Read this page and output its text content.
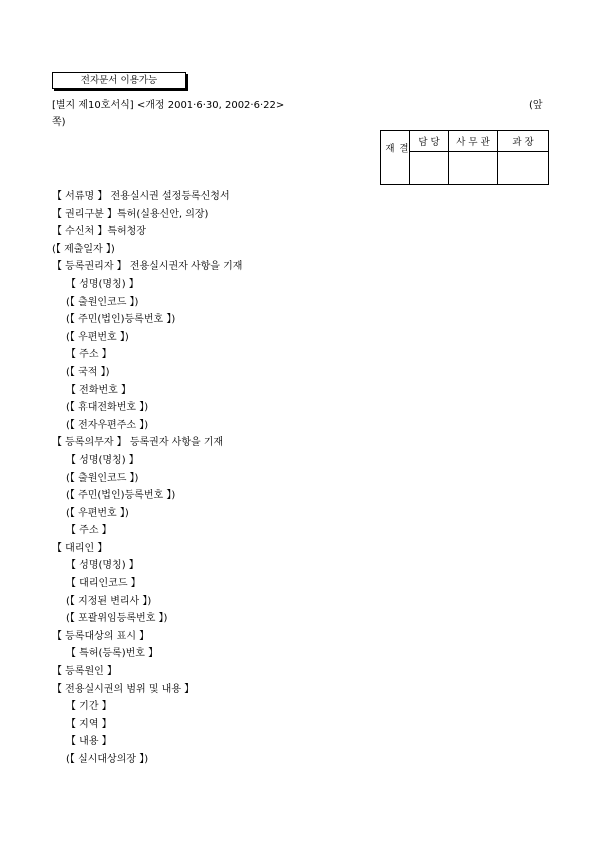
전자문서 이용가능
[별지 제10호서식] <개정 2001·6·30, 2002·6·22>	(앞
쪽)
결 재	담 당	사 무 관	과 장

【 서류명 】 전용실시권 설정등록신청서
【 권리구분 】특허(실용신안, 의장)
【 수신처 】특허청장
(【 제출일자 】)
【 등록권리자 】 전용실시권자 사항을 기재
【 성명(명칭) 】
(【 출원인코드 】)
(【 주민(법인)등록번호 】)
(【 우편번호 】)
【 주소 】
(【 국적 】)
【 전화번호 】
(【 휴대전화번호 】)
(【 전자우편주소 】)
【 등록의무자 】 등록권자 사항을 기재
【 성명(명칭) 】
(【 출원인코드 】)
(【 주민(법인)등록번호 】)
(【 우편번호 】)
【 주소 】
【 대리인 】
【 성명(명칭) 】
【 대리인코드 】
(【 지정된 변리사 】)
(【 포괄위임등록번호 】)
【 등록대상의 표시 】
【 특허(등록)번호 】
【 등록원인 】
【 전용실시권의 범위 및 내용 】
【 기간 】
【 지역 】
【 내용 】
(【 실시대상의장 】)
